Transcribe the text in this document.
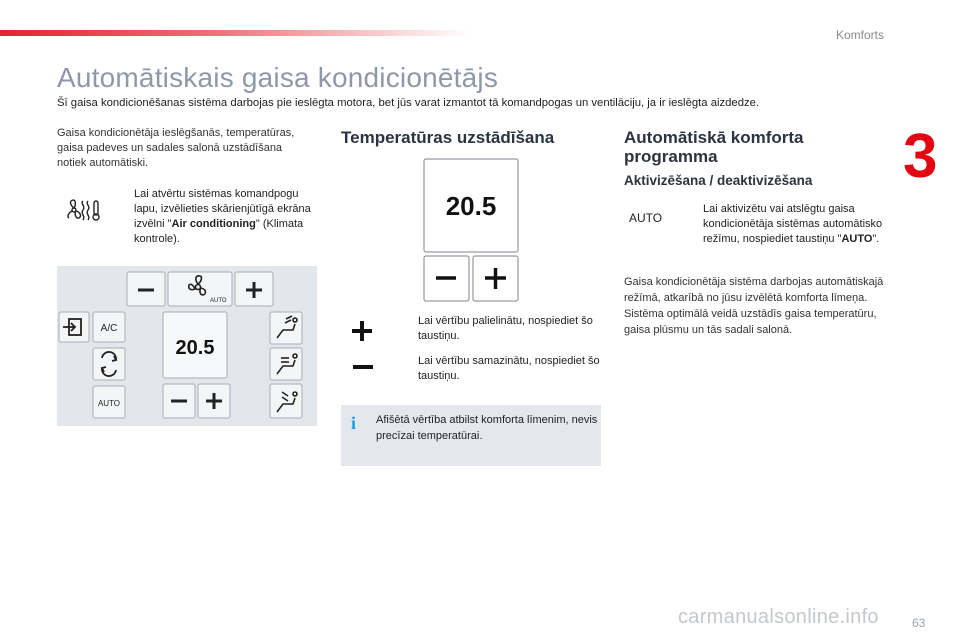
Komforts
3
Automātiskais gaisa kondicionētājs

Šī gaisa kondicionēšanas sistēma darbojas pie ieslēgta motora, bet jūs varat izmantot tā komandpogas un ventilāciju, ja ir ieslēgta aizdedze.

Gaisa kondicionētāja ieslēgšanās, temperatūras, gaisa padeves un sadales salonā uzstādīšana notiek automātiski.

Lai atvērtu sistēmas komandpogu lapu, izvēlieties skārienjūtīgā ekrāna izvēlni "Air conditioning" (Klimata kontrole).
AUTO
A/C
AUTO
20.5
Temperatūras uzstādīšana
20.5
Lai vērtību palielinātu, nospiediet šo taustiņu.
Lai vērtību samazinātu, nospiediet šo taustiņu.
i Afišētā vērtība atbilst komforta līmenim, nevis precīzai temperatūrai.
Automātiskā komforta programma
Aktivizēšana / deaktivizēšana
AUTO
Lai aktivizētu vai atslēgtu gaisa kondicionētāja sistēmas automātisko režīmu, nospiediet taustiņu "AUTO".

Gaisa kondicionētāja sistēma darbojas automātiskajā režīmā, atkarībā no jūsu izvēlētā komforta līmeņa. Sistēma optimālā veidā uzstādīs gaisa temperatūru, gaisa plūsmu un tās sadali salonā.

carmanualsonline.info	63
